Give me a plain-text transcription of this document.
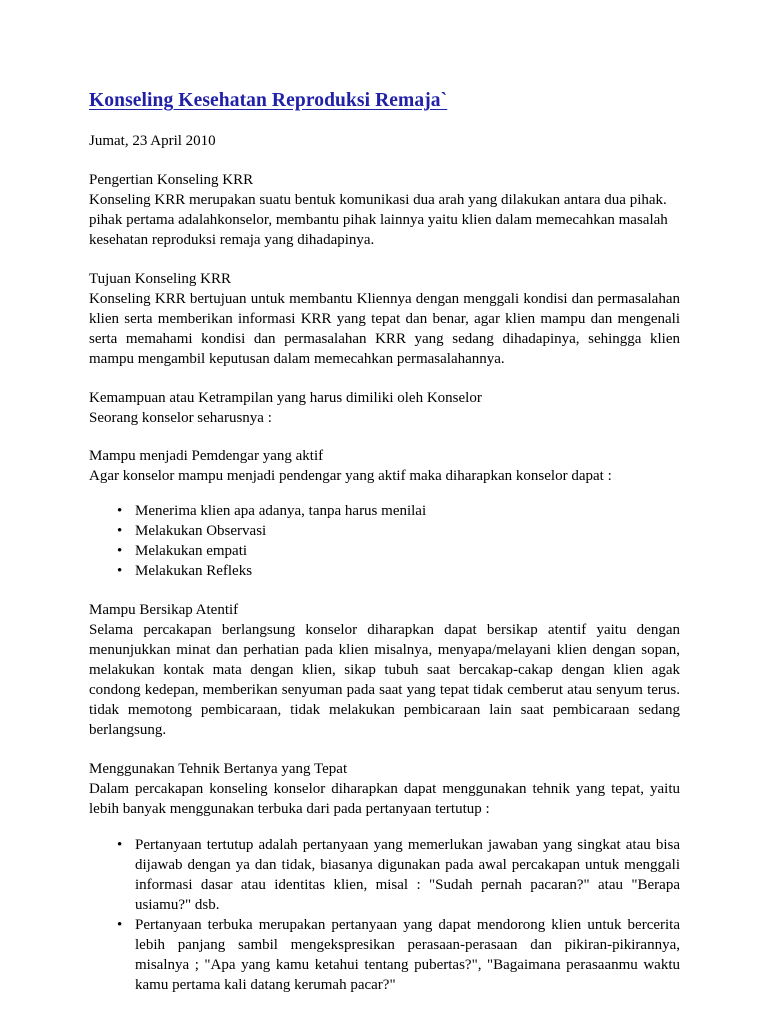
Konseling Kesehatan Reproduksi Remaja`

Jumat, 23 April 2010

Pengertian Konseling KRR
Konseling KRR merupakan suatu bentuk komunikasi dua arah yang dilakukan antara dua pihak. pihak pertama adalahkonselor, membantu pihak lainnya yaitu klien dalam memecahkan masalah kesehatan reproduksi remaja yang dihadapinya.
Tujuan Konseling KRR
Konseling KRR bertujuan untuk membantu Kliennya dengan menggali kondisi dan permasalahan klien serta memberikan informasi KRR yang tepat dan benar, agar klien mampu dan mengenali serta memahami kondisi dan permasalahan KRR yang sedang dihadapinya, sehingga klien mampu mengambil keputusan dalam memecahkan permasalahannya.
Kemampuan atau Ketrampilan yang harus dimiliki oleh Konselor
Seorang konselor seharusnya :
Mampu menjadi Pemdengar yang aktif
Agar konselor mampu menjadi pendengar yang aktif maka diharapkan konselor dapat :
• Menerima klien apa adanya, tanpa harus menilai
• Melakukan Observasi
• Melakukan empati
• Melakukan Refleks
Mampu Bersikap Atentif
Selama percakapan berlangsung konselor diharapkan dapat bersikap atentif yaitu dengan menunjukkan minat dan perhatian pada klien misalnya, menyapa/melayani klien dengan sopan, melakukan kontak mata dengan klien, sikap tubuh saat bercakap-cakap dengan klien agak condong kedepan, memberikan senyuman pada saat yang tepat tidak cemberut atau senyum terus. tidak memotong pembicaraan, tidak melakukan pembicaraan lain saat pembicaraan sedang berlangsung.
Menggunakan Tehnik Bertanya yang Tepat
Dalam percakapan konseling konselor diharapkan dapat menggunakan tehnik yang tepat, yaitu lebih banyak menggunakan terbuka dari pada pertanyaan tertutup :
• Pertanyaan tertutup adalah pertanyaan yang memerlukan jawaban yang singkat atau bisa dijawab dengan ya dan tidak, biasanya digunakan pada awal percakapan untuk menggali informasi dasar atau identitas klien, misal : "Sudah pernah pacaran?" atau "Berapa usiamu?" dsb.
• Pertanyaan terbuka merupakan pertanyaan yang dapat mendorong klien untuk bercerita lebih panjang sambil mengekspresikan perasaan-perasaan dan pikiran-pikirannya, misalnya ; "Apa yang kamu ketahui tentang pubertas?", "Bagaimana perasaanmu waktu kamu pertama kali datang kerumah pacar?"
